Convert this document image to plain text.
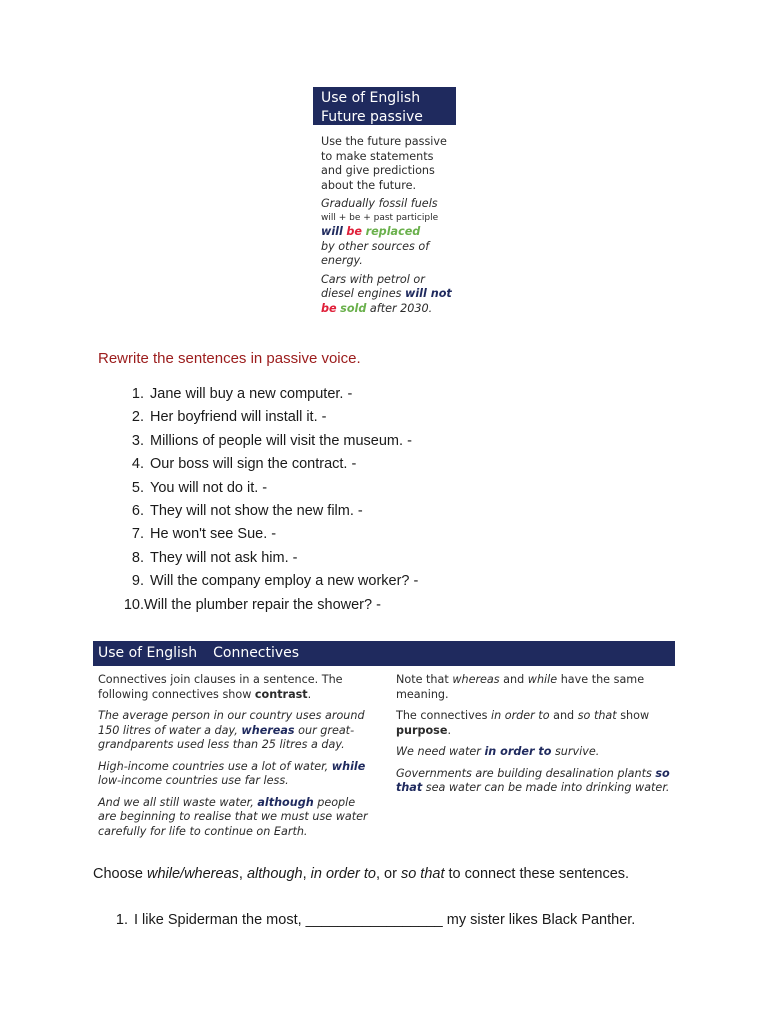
Use of English
Future passive

Use the future passive

to make statements

and give predictions

about the future.

Gradually fossil fuels

will + be + past participle

will be replaced

by other sources of

energy.

Cars with petrol or

diesel engines will not

be sold after 2030.

Rewrite the sentences in passive voice.

1. Jane will buy a new computer. -
2. Her boyfriend will install it. -
3. Millions of people will visit the museum. -
4. Our boss will sign the contract. -
5. You will not do it. -
6. They will not show the new film. -
7. He won't see Sue. -
8. They will not ask him. -
9. Will the company employ a new worker? -
10.Will the plumber repair the shower? -
Use of English Connectives

Connectives join clauses in a sentence. The following connectives show contrast.

The average person in our country uses around 150 litres of water a day, whereas our great-grandparents used less than 25 litres a day.

High-income countries use a lot of water, while low-income countries use far less.

And we all still waste water, although people are beginning to realise that we must use water carefully for life to continue on Earth.

Note that whereas and while have the same meaning.

The connectives in order to and so that show purpose.

We need water in order to survive.

Governments are building desalination plants so that sea water can be made into drinking water.

Choose while/whereas, although, in order to, or so that to connect these sentences.

1. I like Spiderman the most, _________________ my sister likes Black Panther.
